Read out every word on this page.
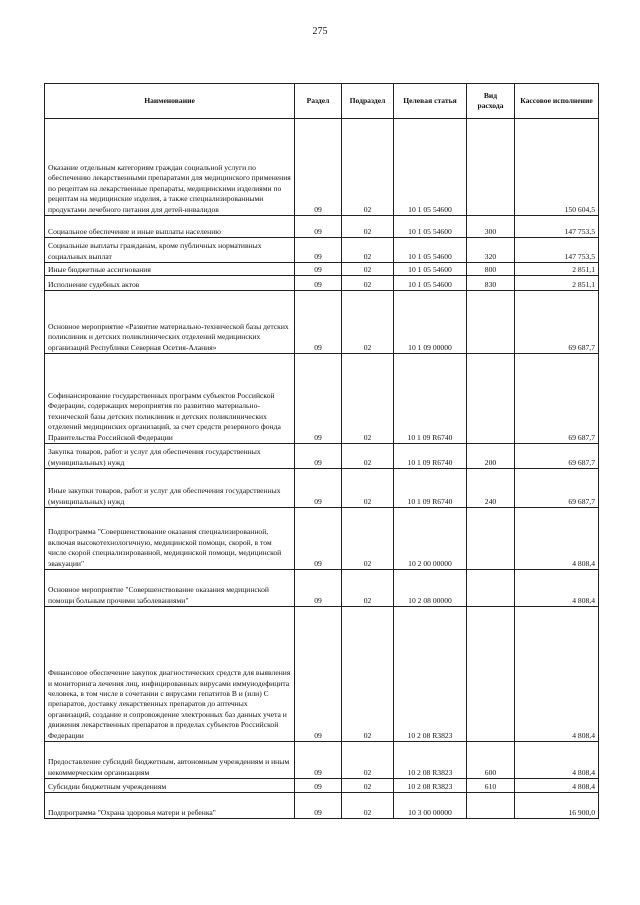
275
Наименование	Раздел	Подраздел	Целевая статья	Вид расхода	Кассовое исполнение
Оказание отдельным категориям граждан социальной услуги по обеспечению лекарственными препаратами для медицинского применения по рецептам на лекарственные препараты, медицинскими изделиями по рецептам на медицинские изделия, а также специализированными продуктами лечебного питания для детей-инвалидов	09	02	10 1 05 54600		150 604,5
Социальное обеспечение и иные выплаты населению	09	02	10 1 05 54600	300	147 753,5
Социальные выплаты гражданам, кроме публичных нормативных социальных выплат	09	02	10 1 05 54600	320	147 753,5
Иные бюджетные ассигнования	09	02	10 1 05 54600	800	2 851,1
Исполнение судебных актов	09	02	10 1 05 54600	830	2 851,1
Основное мероприятие «Развитие материально-технической базы детских поликлиник и детских поликлинических отделений медицинских организаций Республики Северная Осетия-Алания»	09	02	10 1 09 00000		69 687,7
Софинансирование государственных программ субъектов Российской Федерации, содержащих мероприятия по развитию материально-технической базы детских поликлиник и детских поликлинических отделений медицинских организаций, за счет средств резервного фонда Правительства Российской Федерации	09	02	10 1 09 R6740		69 687,7
Закупка товаров, работ и услуг для обеспечения государственных (муниципальных) нужд	09	02	10 1 09 R6740	200	69 687,7
Иные закупки товаров, работ и услуг для обеспечения государственных (муниципальных) нужд	09	02	10 1 09 R6740	240	69 687,7
Подпрограмма "Совершенствование оказания специализированной, включая высокотехнологичную, медицинской помощи, скорой, в том числе скорой специализированной, медицинской помощи, медицинской эвакуации"	09	02	10 2 00 00000		4 808,4
Основное мероприятие "Совершенствование оказания медицинской помощи больным прочими заболеваниями"	09	02	10 2 08 00000		4 808,4
Финансовое обеспечение закупок диагностических средств для выявления и мониторинга лечения лиц, инфицированных вирусами иммунодефицита человека, в том числе в сочетании с вирусами гепатитов B и (или) C препаратов, доставку лекарственных препаратов до аптечных организаций, создание и сопровождение электронных баз данных учета и движения лекарственных препаратов в пределах субъектов Российской Федерации	09	02	10 2 08 R3823		4 808,4
Предоставление субсидий бюджетным, автономным учреждениям и иным некоммерческим организациям	09	02	10 2 08 R3823	600	4 808,4
Субсидии бюджетным учреждениям	09	02	10 2 08 R3823	610	4 808,4
Подпрограмма "Охрана здоровья матери и ребенка"	09	02	10 3 00 00000		16 900,0
